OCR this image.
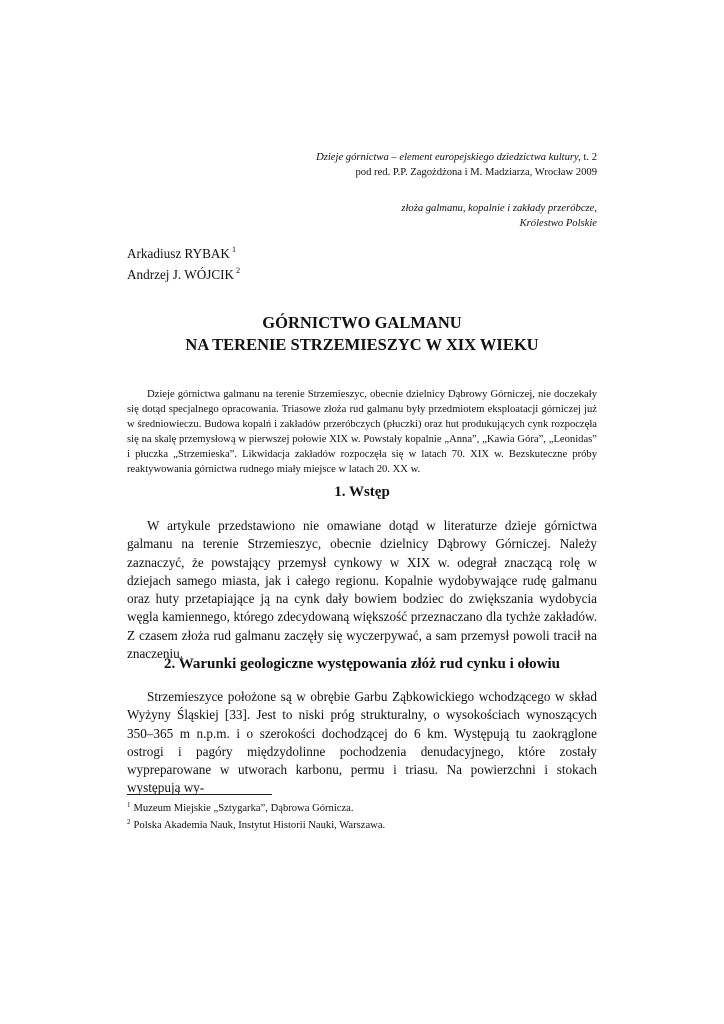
Dzieje górnictwa – element europejskiego dziedzictwa kultury, t. 2
pod red. P.P. Zagożdżona i M. Madziarza, Wrocław 2009
złoża galmanu, kopalnie i zakłady przeróbcze,
Królestwo Polskie
Arkadiusz RYBAK $^1$
Andrzej J. WÓJCIK $^2$
GÓRNICTWO GALMANU
NA TERENIE STRZEMIESZYC W XIX WIEKU
Dzieje górnictwa galmanu na terenie Strzemieszyc, obecnie dzielnicy Dąbrowy Górniczej, nie doczekały się dotąd specjalnego opracowania. Triasowe złoża rud galmanu były przedmiotem eksploatacji górniczej już w średniowieczu. Budowa kopalń i zakładów przeróbczych (płuczki) oraz hut produkujących cynk rozpoczęła się na skalę przemysłową w pierwszej połowie XIX w. Powstały kopalnie „Anna”, „Kawia Góra”, „Leonidas” i płuczka „Strzemieska”. Likwidacja zakładów rozpoczęła się w latach 70. XIX w. Bezskuteczne próby reaktywowania górnictwa rudnego miały miejsce w latach 20. XX w.
1. Wstęp

W artykule przedstawiono nie omawiane dotąd w literaturze dzieje górnictwa galmanu na terenie Strzemieszyc, obecnie dzielnicy Dąbrowy Górniczej. Należy zaznaczyć, że powstający przemysł cynkowy w XIX w. odegrał znaczącą rolę w dziejach samego miasta, jak i całego regionu. Kopalnie wydobywające rudę galmanu oraz huty przetapiające ją na cynk dały bowiem bodziec do zwiększania wydobycia węgla kamiennego, którego zdecydowaną większość przeznaczano dla tychże zakładów. Z czasem złoża rud galmanu zaczęły się wyczerpywać, a sam przemysł powoli tracił na znaczeniu.

2. Warunki geologiczne występowania złóż rud cynku i ołowiu

Strzemieszyce położone są w obrębie Garbu Ząbkowickiego wchodzącego w skład Wyżyny Śląskiej [33]. Jest to niski próg strukturalny, o wysokościach wynoszących 350–365 m n.p.m. i o szerokości dochodzącej do 6 km. Występują tu zaokrąglone ostrogi i pagóry międzydolinne pochodzenia denudacyjnego, które zostały wypreparowane w utworach karbonu, permu i triasu. Na powierzchni i stokach występują wy-

$^1$ Muzeum Miejskie „Sztygarka”, Dąbrowa Górnicza.
$^2$ Polska Akademia Nauk, Instytut Historii Nauki, Warszawa.
